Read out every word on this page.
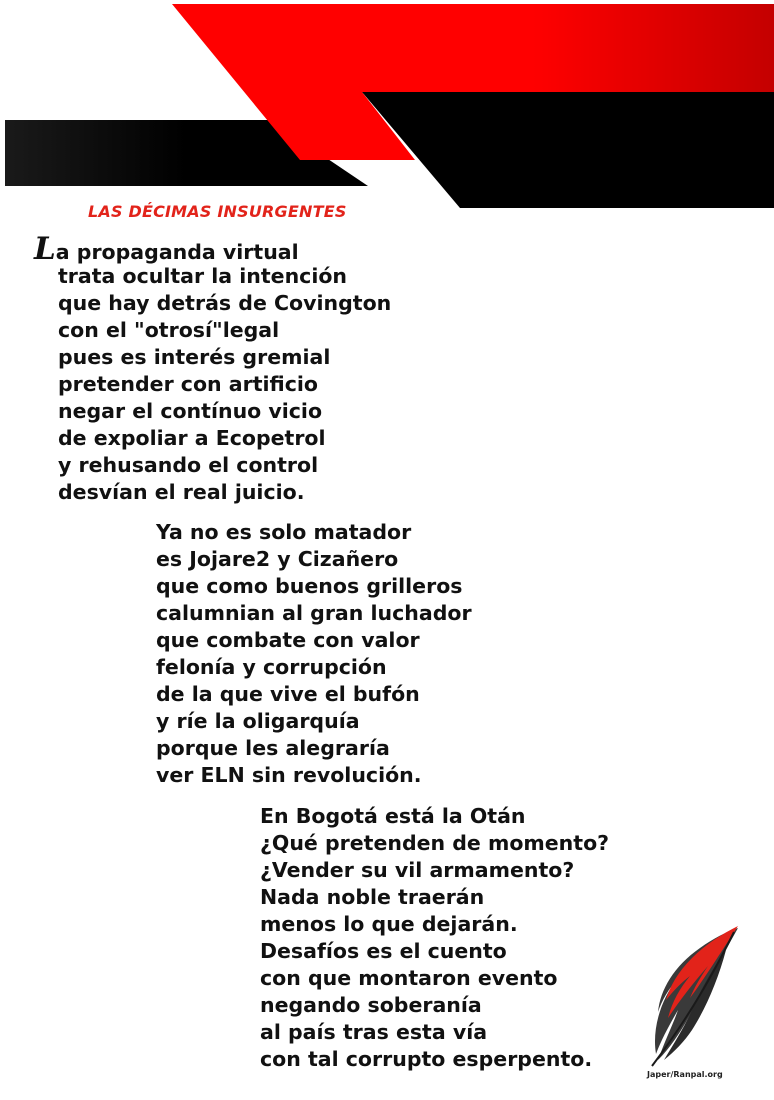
LAS DÉCIMAS INSURGENTES
La propaganda virtual
trata ocultar la intención
que hay detrás de Covington
con el "otrosí"legal
pues es interés gremial
pretender con artificio
negar el contínuo vicio
de expoliar a Ecopetrol
y rehusando el control
desvían el real juicio.
Ya no es solo matador
es Jojare2 y Cizañero
que como buenos grilleros
calumnian al gran luchador
que combate con valor
felonía y corrupción
de la que vive el bufón
y ríe la oligarquía
porque les alegraría
ver ELN sin revolución.
En Bogotá está la Otán
¿Qué pretenden de momento?
¿Vender su vil armamento?
Nada noble traerán
menos lo que dejarán.
Desafíos es el cuento
con que montaron evento
negando soberanía
al país tras esta vía
con tal corrupto esperpento.
Japer/Ranpal.org
